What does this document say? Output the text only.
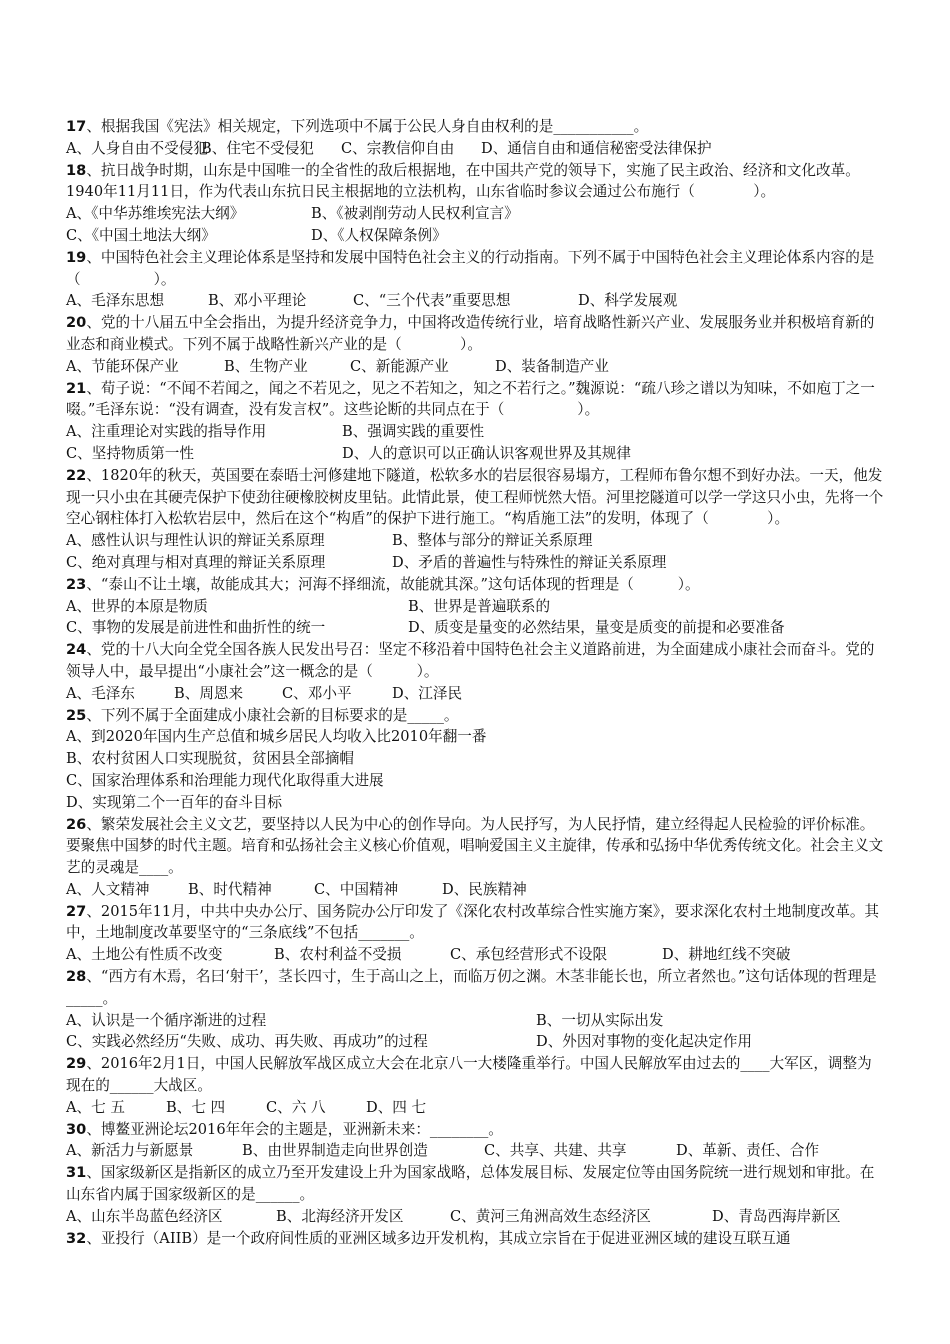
17、根据我国《宪法》相关规定，下列选项中不属于公民人身自由权利的是___________。

A、人身自由不受侵犯
B、住宅不受侵犯	C、宗教信仰自由	D、通信自由和通信秘密受法律保护

18、抗日战争时期，山东是中国唯一的全省性的敌后根据地，在中国共产党的领导下，实施了民主政治、经济和文化改革。1940年11月11日，作为代表山东抗日民主根据地的立法机构，山东省临时参议会通过公布施行（　　　　）。

A、《中华苏维埃宪法大纲》	B、《被剥削劳动人民权利宣言》
C、《中国土地法大纲》	D、《人权保障条例》

19、中国特色社会主义理论体系是坚持和发展中国特色社会主义的行动指南。下列不属于中国特色社会主义理论体系内容的是（　　　　　）。

A、毛泽东思想	B、邓小平理论	C、“三个代表”重要思想	D、科学发展观

20、党的十八届五中全会指出，为提升经济竞争力，中国将改造传统行业，培育战略性新兴产业、发展服务业并积极培育新的业态和商业模式。下列不属于战略性新兴产业的是（　　　　）。

A、节能环保产业	B、生物产业	C、新能源产业	D、装备制造产业

21、荀子说：“不闻不若闻之，闻之不若见之，见之不若知之，知之不若行之。”魏源说：“疏八珍之谱以为知味，不如庖丁之一啜。”毛泽东说：“没有调查，没有发言权”。这些论断的共同点在于（　　　　　）。

A、注重理论对实践的指导作用	B、强调实践的重要性
C、坚持物质第一性	D、人的意识可以正确认识客观世界及其规律

22、1820年的秋天，英国要在泰晤士河修建地下隧道，松软多水的岩层很容易塌方，工程师布鲁尔想不到好办法。一天，他发现一只小虫在其硬壳保护下使劲往硬橡胶树皮里钻。此情此景，使工程师恍然大悟。河里挖隧道可以学一学这只小虫，先将一个空心钢柱体打入松软岩层中，然后在这个“构盾”的保护下进行施工。“构盾施工法”的发明，体现了（　　　　）。

A、感性认识与理性认识的辩证关系原理	B、整体与部分的辩证关系原理
C、绝对真理与相对真理的辩证关系原理	D、矛盾的普遍性与特殊性的辩证关系原理

23、“泰山不让土壤，故能成其大；河海不择细流，故能就其深。”这句话体现的哲理是（　　　）。

A、世界的本原是物质	B、世界是普遍联系的
C、事物的发展是前进性和曲折性的统一	D、质变是量变的必然结果，量变是质变的前提和必要准备

24、党的十八大向全党全国各族人民发出号召：坚定不移沿着中国特色社会主义道路前进，为全面建成小康社会而奋斗。党的领导人中，最早提出“小康社会”这一概念的是（　　　）。

A、毛泽东	B、周恩来	C、邓小平	D、江泽民

25、下列不属于全面建成小康社会新的目标要求的是_____。

A、到2020年国内生产总值和城乡居民人均收入比2010年翻一番
B、农村贫困人口实现脱贫，贫困县全部摘帽
C、国家治理体系和治理能力现代化取得重大进展
D、实现第二个一百年的奋斗目标

26、繁荣发展社会主义文艺，要坚持以人民为中心的创作导向。为人民抒写，为人民抒情，建立经得起人民检验的评价标准。要聚焦中国梦的时代主题。培育和弘扬社会主义核心价值观，唱响爱国主义主旋律，传承和弘扬中华优秀传统文化。社会主义文艺的灵魂是____。

A、人文精神	B、时代精神	C、中国精神	D、民族精神

27、2015年11月，中共中央办公厅、国务院办公厅印发了《深化农村改革综合性实施方案》，要求深化农村土地制度改革。其中，土地制度改革要坚守的“三条底线”不包括_______。

A、土地公有性质不改变	B、农村利益不受损	C、承包经营形式不设限	D、耕地红线不突破

28、“西方有木焉，名曰‘射干’，茎长四寸，生于高山之上，而临万仞之渊。木茎非能长也，所立者然也。”这句话体现的哲理是_____。

A、认识是一个循序渐进的过程	B、一切从实际出发
C、实践必然经历“失败、成功、再失败、再成功”的过程	D、外因对事物的变化起决定作用

29、2016年2月1日，中国人民解放军战区成立大会在北京八一大楼隆重举行。中国人民解放军由过去的____大军区，调整为现在的______大战区。

A、七 五	B、七 四	C、六 八	D、四 七

30、博鳌亚洲论坛2016年年会的主题是，亚洲新未来：________。

A、新活力与新愿景	B、由世界制造走向世界创造	C、共享、共建、共享	D、革新、责任、合作

31、国家级新区是指新区的成立乃至开发建设上升为国家战略，总体发展目标、发展定位等由国务院统一进行规划和审批。在山东省内属于国家级新区的是______。

A、山东半岛蓝色经济区	B、北海经济开发区	C、黄河三角洲高效生态经济区	D、青岛西海岸新区

32、亚投行（AIIB）是一个政府间性质的亚洲区域多边开发机构，其成立宗旨在于促进亚洲区域的建设互联互通
